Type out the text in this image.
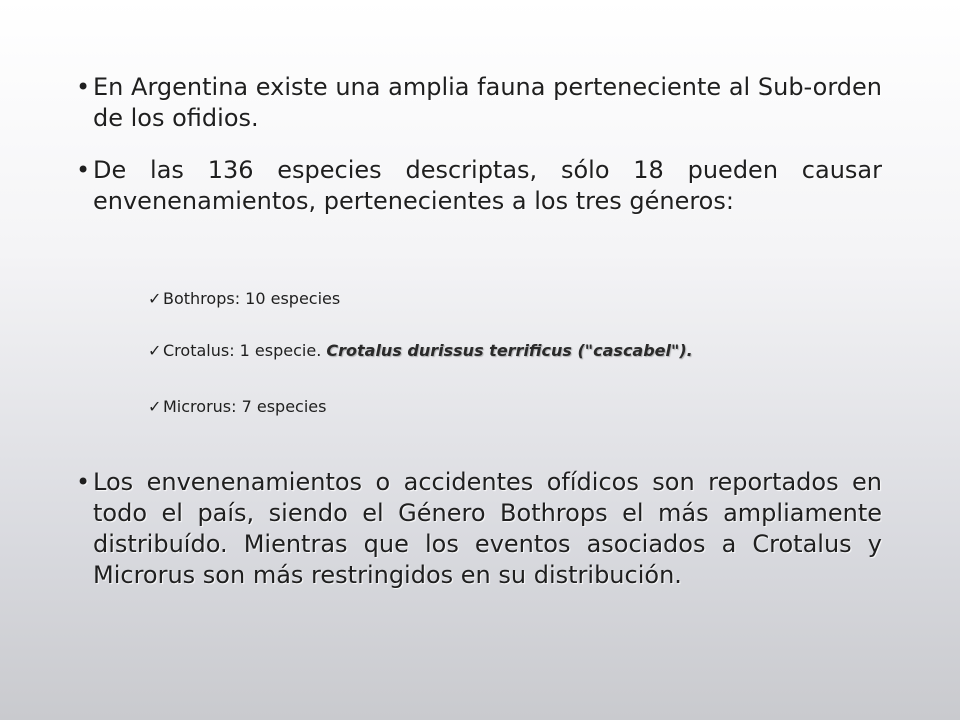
• En Argentina existe una amplia fauna perteneciente al Sub-orden de los ofidios.
• De las 136 especies descriptas, sólo 18 pueden causar envenenamientos, pertenecientes a los tres géneros:
✓Bothrops: 10 especies
✓Crotalus: 1 especie. Crotalus durissus terrificus ("cascabel").
✓Microrus: 7 especies
• Los envenenamientos o accidentes ofídicos son reportados en todo el país, siendo el Género Bothrops el más ampliamente distribuído. Mientras que los eventos asociados a Crotalus y Microrus son más restringidos en su distribución.
